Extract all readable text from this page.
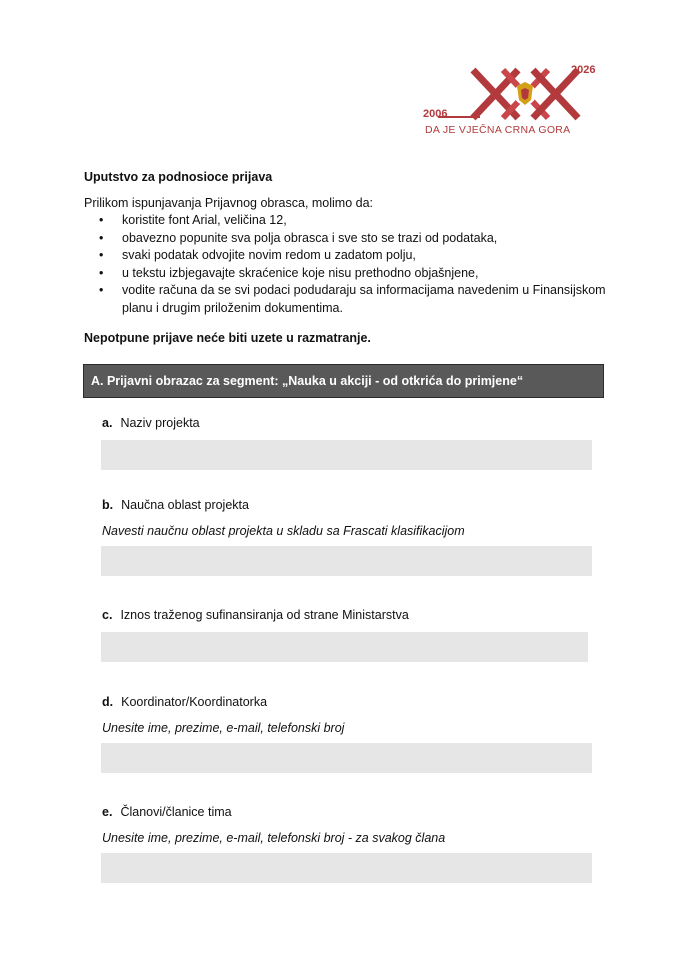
2026
2006
DA JE VJEČNA CRNA GORA
Uputstvo za podnosioce prijava
Prilikom ispunjavanja Prijavnog obrasca, molimo da:
• koristite font Arial, veličina 12,
• obavezno popunite sva polja obrasca i sve sto se trazi od podataka,
• svaki podatak odvojite novim redom u zadatom polju,
• u tekstu izbjegavajte skraćenice koje nisu prethodno objašnjene,
• vodite računa da se svi podaci podudaraju sa informacijama navedenim u Finansijskom planu i drugim priloženim dokumentima.
Nepotpune prijave neće biti uzete u razmatranje.
A. Prijavni obrazac za segment: „Nauka u akciji - od otkrića do primjene“
a. Naziv projekta
b. Naučna oblast projekta
Navesti naučnu oblast projekta u skladu sa Frascati klasifikacijom
c. Iznos traženog sufinansiranja od strane Ministarstva
d. Koordinator/Koordinatorka
Unesite ime, prezime, e-mail, telefonski broj
e. Članovi/članice tima
Unesite ime, prezime, e-mail, telefonski broj - za svakog člana
